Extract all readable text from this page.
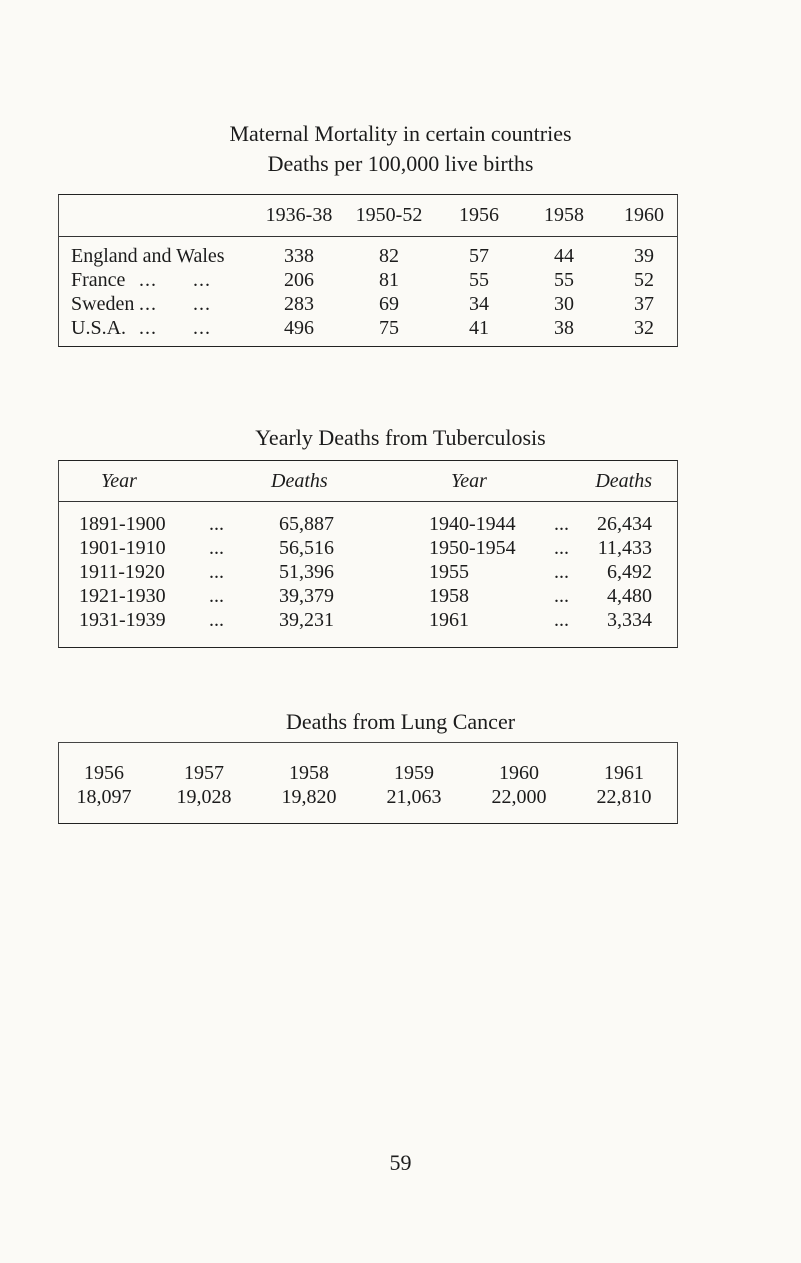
Maternal Mortality in certain countries
Deaths per 100,000 live births
1936-38	1950-52	1956	1958	1960
England and Wales	338	82	57	44	39
France ...      ...	206	81	55	55	52
Sweden ...      ...	283	69	34	30	37
U.S.A. ...      ...	496	75	41	38	32
Yearly Deaths from Tuberculosis
Year	Deaths	Year	Deaths
1891-1900 ...	65,887	1940-1944 ...	26,434
1901-1910 ...	56,516	1950-1954 ...	11,433
1911-1920 ...	51,396	1955	...	6,492
1921-1930 ...	39,379	1958	...	4,480
1931-1939 ...	39,231	1961	...	3,334
Deaths from Lung Cancer
1956	1957	1958	1959	1960	1961
18,097	19,028	19,820	21,063	22,000	22,810
59
